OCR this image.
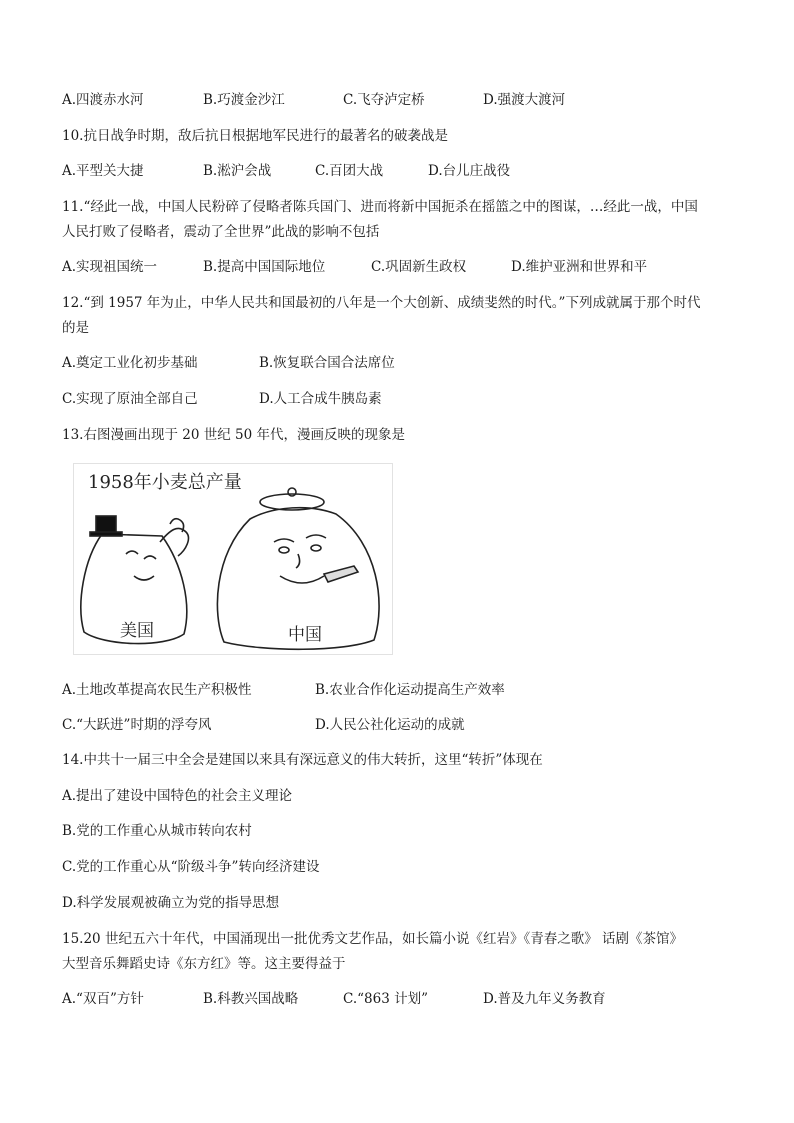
A.四渡赤水河	B.巧渡金沙江	C.飞夺泸定桥	D.强渡大渡河
10.抗日战争时期，敌后抗日根据地军民进行的最著名的破袭战是
A.平型关大捷	B.淞沪会战	C.百团大战	D.台儿庄战役
11.“经此一战，中国人民粉碎了侵略者陈兵国门、进而将新中国扼杀在摇篮之中的图谋，…经此一战，中国
人民打败了侵略者，震动了全世界”此战的影响不包括
A.实现祖国统一	B.提高中国国际地位	C.巩固新生政权	D.维护亚洲和世界和平
12.“到 1957 年为止，中华人民共和国最初的八年是一个大创新、成绩斐然的时代。”下列成就属于那个时代
的是
A.奠定工业化初步基础	B.恢复联合国合法席位
C.实现了原油全部自己	D.人工合成牛胰岛素
13.右图漫画出现于 20 世纪 50 年代，漫画反映的现象是
1958年小麦总产量
美国	中国
A.土地改革提高农民生产积极性	B.农业合作化运动提高生产效率
C.“大跃进”时期的浮夸风	D.人民公社化运动的成就
14.中共十一届三中全会是建国以来具有深远意义的伟大转折，这里“转折”体现在
A.提出了建设中国特色的社会主义理论
B.党的工作重心从城市转向农村
C.党的工作重心从“阶级斗争”转向经济建设
D.科学发展观被确立为党的指导思想
15.20 世纪五六十年代，中国涌现出一批优秀文艺作品，如长篇小说《红岩》《青春之歌》 话剧《茶馆》
大型音乐舞蹈史诗《东方红》等。这主要得益于
A.“双百”方针	B.科教兴国战略	C.“863 计划”	D.普及九年义务教育
